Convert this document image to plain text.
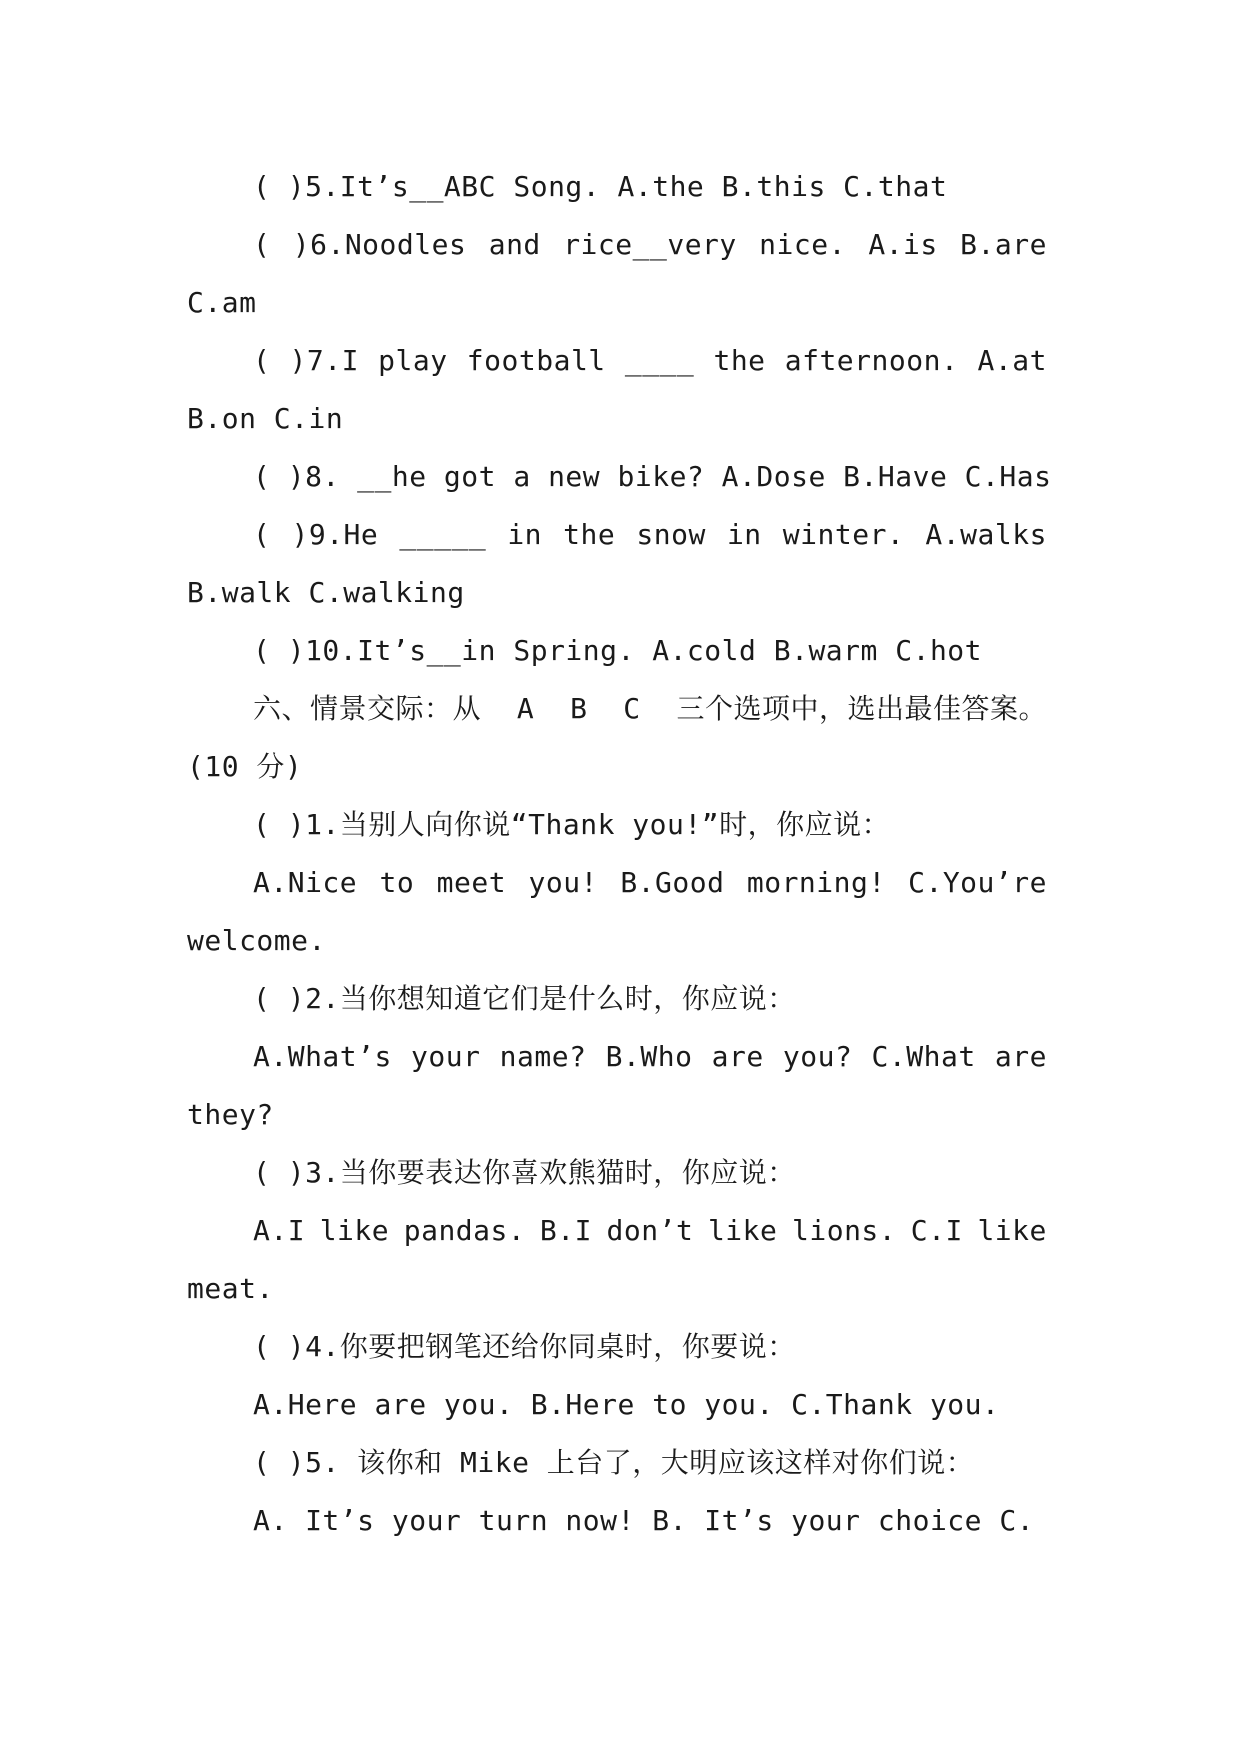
( )5.It’s__ABC Song. A.the B.this C.that
( )6.Noodles and rice__very nice. A.is B.are
C.am
( )7.I play football ____ the afternoon. A.at
B.on C.in
( )8. __he got a new bike? A.Dose B.Have C.Has
( )9.He _____ in the snow in winter. A.walks
B.walk C.walking
( )10.It’s__in Spring. A.cold B.warm C.hot
六、情景交际：从 A B C 三个选项中，选出最佳答案。
(10 分)
( )1.当别人向你说“Thank you!”时，你应说：
A.Nice to meet you! B.Good morning! C.You’re
welcome.
( )2.当你想知道它们是什么时，你应说：
A.What’s your name? B.Who are you? C.What are
they?
( )3.当你要表达你喜欢熊猫时，你应说：
A.I like pandas. B.I don’t like lions. C.I like
meat.
( )4.你要把钢笔还给你同桌时，你要说：
A.Here are you. B.Here to you. C.Thank you.
( )5. 该你和 Mike 上台了，大明应该这样对你们说：
A. It’s your turn now! B. It’s your choice C.
